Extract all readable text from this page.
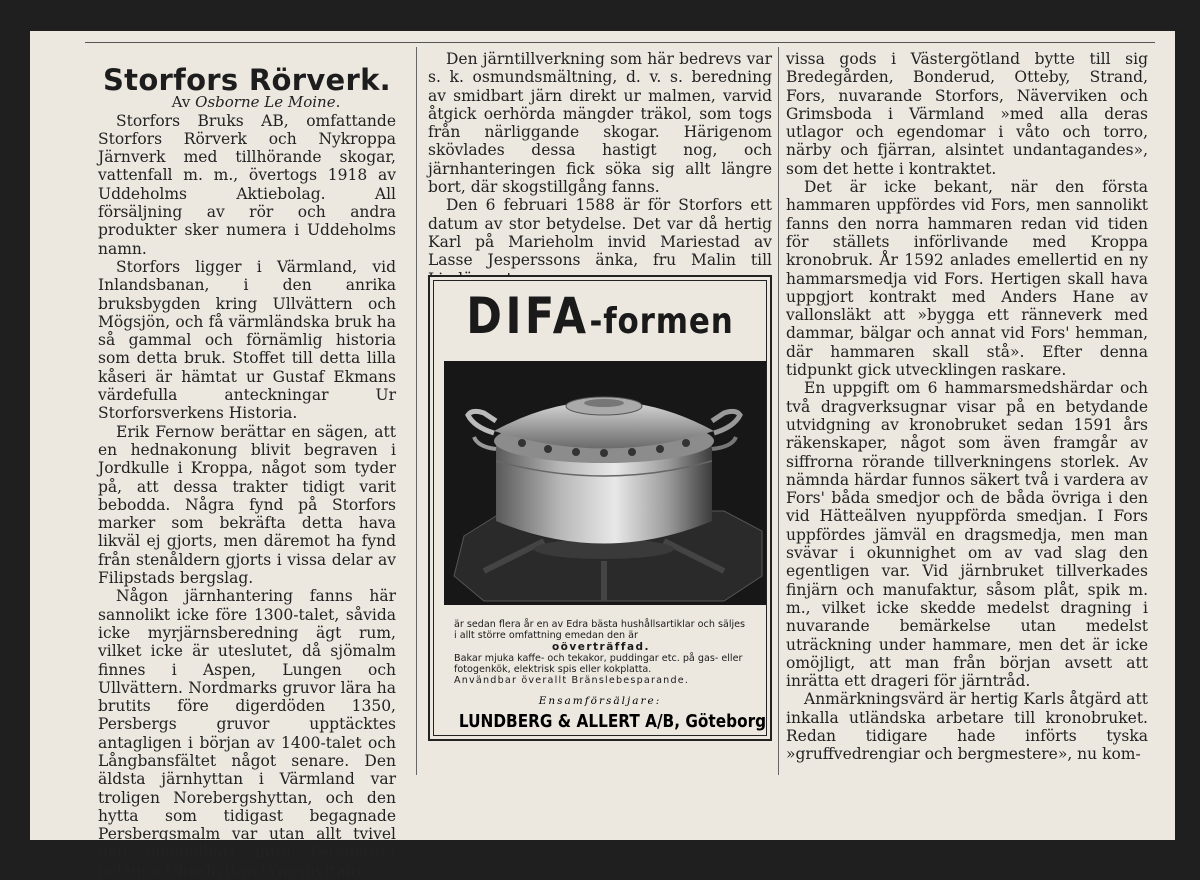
Storfors Rörverk.

Av Osborne Le Moine.

Storfors Bruks AB, omfattande Storfors Rörverk och Nykroppa Järnverk med tillhörande skogar, vattenfall m. m., övertogs 1918 av Uddeholms Aktiebolag. All försäljning av rör och andra produkter sker numera i Uddeholms namn.

Storfors ligger i Värmland, vid Inlandsbanan, i den anrika bruksbygden kring Ullvättern och Mögsjön, och få värmländska bruk ha så gammal och förnämlig historia som detta bruk. Stoffet till detta lilla kåseri är hämtat ur Gustaf Ekmans värdefulla anteckningar Ur Storforsverkens Historia.

Erik Fernow berättar en sägen, att en hednakonung blivit begraven i Jordkulle i Kroppa, något som tyder på, att dessa trakter tidigt varit bebodda. Några fynd på Storfors marker som bekräfta detta hava likväl ej gjorts, men däremot ha fynd från stenåldern gjorts i vissa delar av Filipstads bergslag.

Någon järnhantering fanns här sannolikt icke före 1300-talet, såvida icke myrjärnsberedning ägt rum, vilket icke är uteslutet, då sjömalm finnes i Aspen, Lungen och Ullvättern. Nordmarks gruvor lära ha brutits före digerdöden 1350, Persbergs gruvor upptäcktes antagligen i början av 1400-talet och Långbansfältet något senare. Den äldsta järnhyttan i Värmland var troligen Norebergshyttan, och den hytta som tidigast begagnade Persbergsmalm var utan allt tvivel den omedelbart intill Persberget belägna Öhnshyttan (Yngshyttan).

Den järntillverkning som här bedrevs var s. k. osmundsmältning, d. v. s. beredning av smidbart järn direkt ur malmen, varvid åtgick oerhörda mängder träkol, som togs från närliggande skogar. Härigenom skövlades dessa hastigt nog, och järnhanteringen fick söka sig allt längre bort, där skogstillgång fanns.

Den 6 februari 1588 är för Storfors ett datum av stor betydelse. Det var då hertig Karl på Marieholm invid Mariestad av Lasse Jesperssons änka, fru Malin till

DIFA-formen
är sedan flera år en av Edra bästa hushållsartiklar och säljes i allt större omfattning emedan den är
oöverträffad.
Bakar mjuka kaffe- och tekakor, puddingar etc. på gas- eller fotogenkök, elektrisk spis eller kokplatta.
Användbar överallt Bränslebesparande.
Ensamförsäljare:
LUNDBERG & ALLERT A/B, Göteborg

vissa gods i Västergötland bytte till sig Bredegården, Bonderud, Otteby, Strand, Fors, nuvarande Storfors, Näverviken och Grimsboda i Värmland »med alla deras utlagor och egendomar i våto och torro, närby och fjärran, alsintet undantagandes», som det hette i kontraktet.

Det är icke bekant, när den första hammaren uppfördes vid Fors, men sannolikt fanns den norra hammaren redan vid tiden för ställets införlivande med Kroppa kronobruk. År 1592 anlades emellertid en ny hammarsmedja vid Fors. Hertigen skall hava uppgjort kontrakt med Anders Hane av vallonsläkt att »bygga ett ränneverk med dammar, bälgar och annat vid Fors' hemman, där hammaren skall stå». Efter denna tidpunkt gick utvecklingen raskare.

En uppgift om 6 hammarsmedshärdar och två dragverksugnar visar på en betydande utvidgning av kronobruket sedan 1591 års räkenskaper, något som även framgår av siffrorna rörande tillverkningens storlek. Av nämnda härdar funnos säkert två i vardera av Fors' båda smedjor och de båda övriga i den vid Hätteälven nyuppförda smedjan. I Fors uppfördes jämväl en dragsmedja, men man svävar i okunnighet om av vad slag den egentligen var. Vid järnbruket tillverkades finjärn och manufaktur, såsom plåt, spik m. m., vilket icke skedde medelst dragning i nuvarande bemärkelse utan medelst uträckning under hammare, men det är icke omöjligt, att man från början avsett att inrätta ett drageri för järntråd.

Anmärkningsvärd är hertig Karls åtgärd att inkalla utländska arbetare till kronobruket. Redan tidigare hade införts tyska »gruffvedrengiar och bergmestere», nu kom-
